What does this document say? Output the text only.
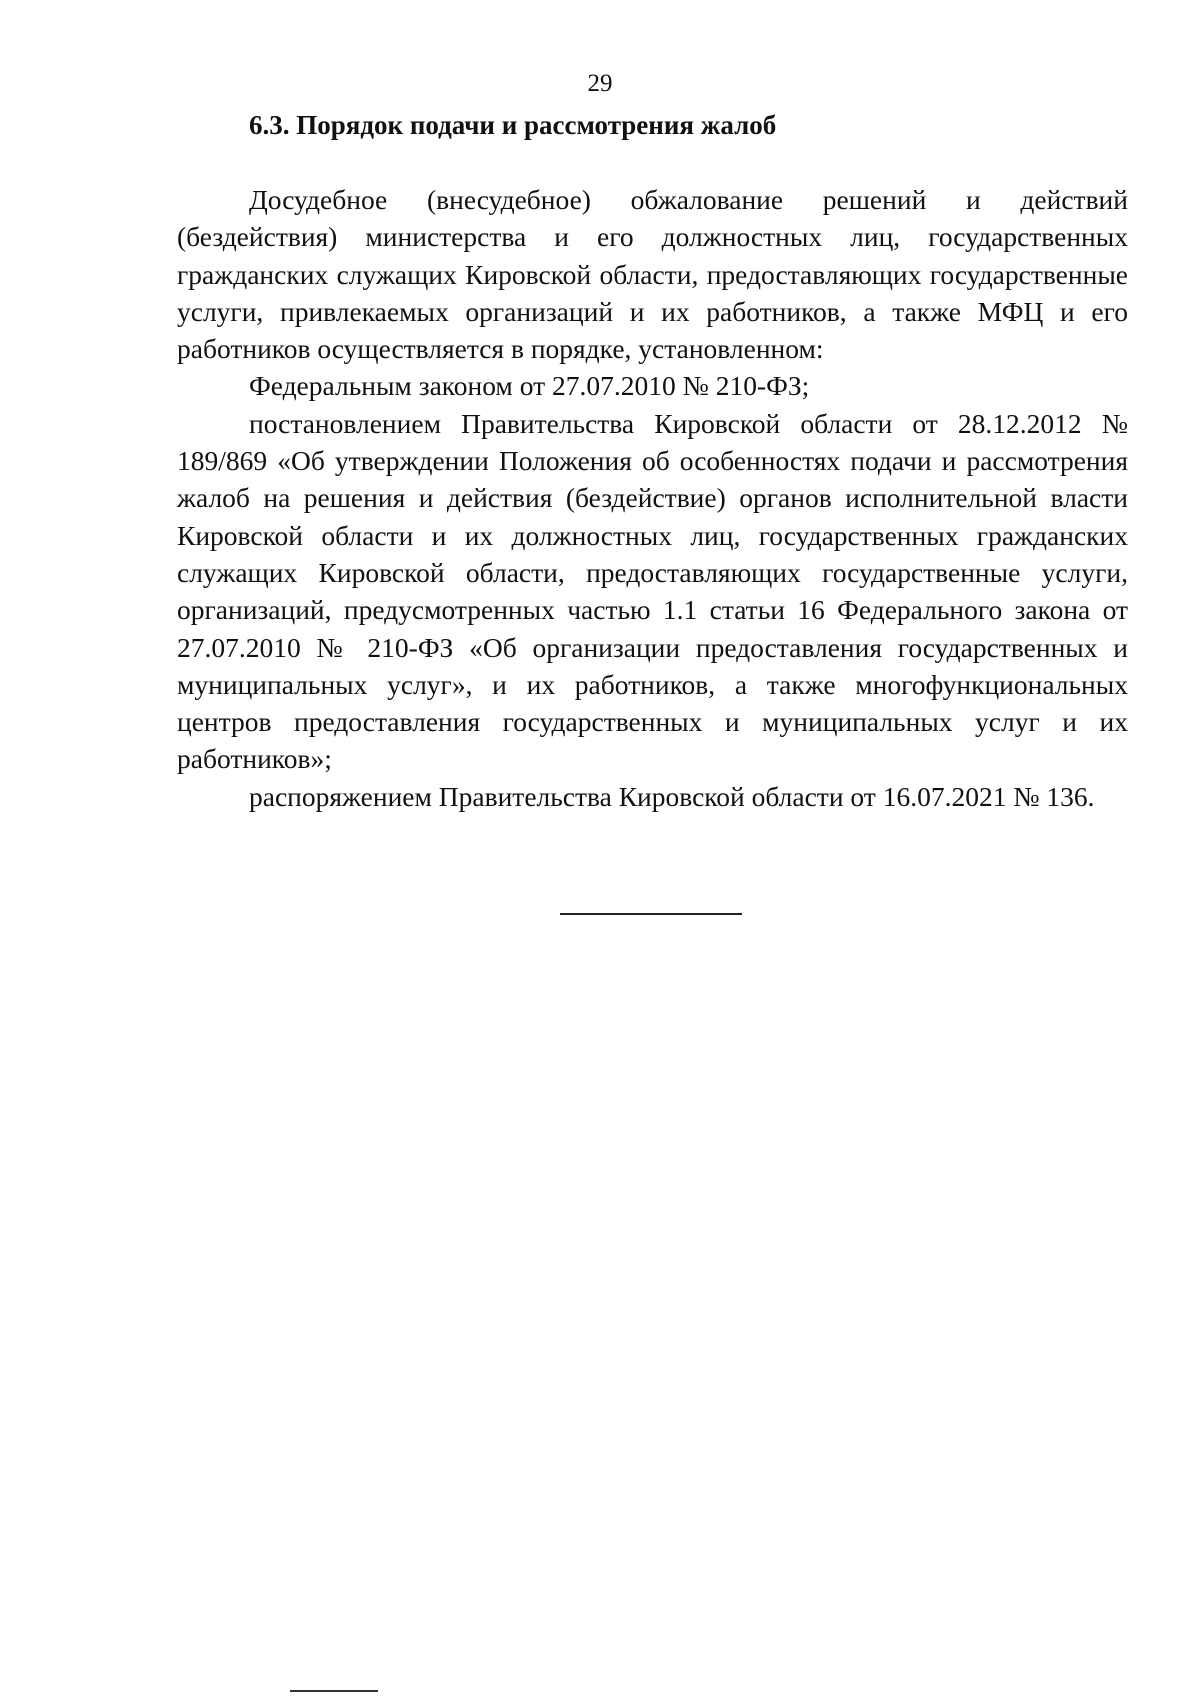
29

6.3. Порядок подачи и рассмотрения жалоб

Досудебное (внесудебное) обжалование решений и действий (бездействия) министерства и его должностных лиц, государственных гражданских служащих Кировской области, предоставляющих государственные услуги, привлекаемых организаций и их работников, а также МФЦ и его работников осуществляется в порядке, установленном:

Федеральным законом от 27.07.2010 № 210-ФЗ;

постановлением Правительства Кировской области от 28.12.2012 № 189/869 «Об утверждении Положения об особенностях подачи и рассмотрения жалоб на решения и действия (бездействие) органов исполнительной власти Кировской области и их должностных лиц, государственных гражданских служащих Кировской области, предоставляющих государственные услуги, организаций, предусмотренных частью 1.1 статьи 16 Федерального закона от 27.07.2010 № 210-ФЗ «Об организации предоставления государственных и муниципальных услуг», и их работников, а также многофункциональных центров предоставления государственных и муниципальных услуг и их работников»;

распоряжением Правительства Кировской области от 16.07.2021 № 136.
